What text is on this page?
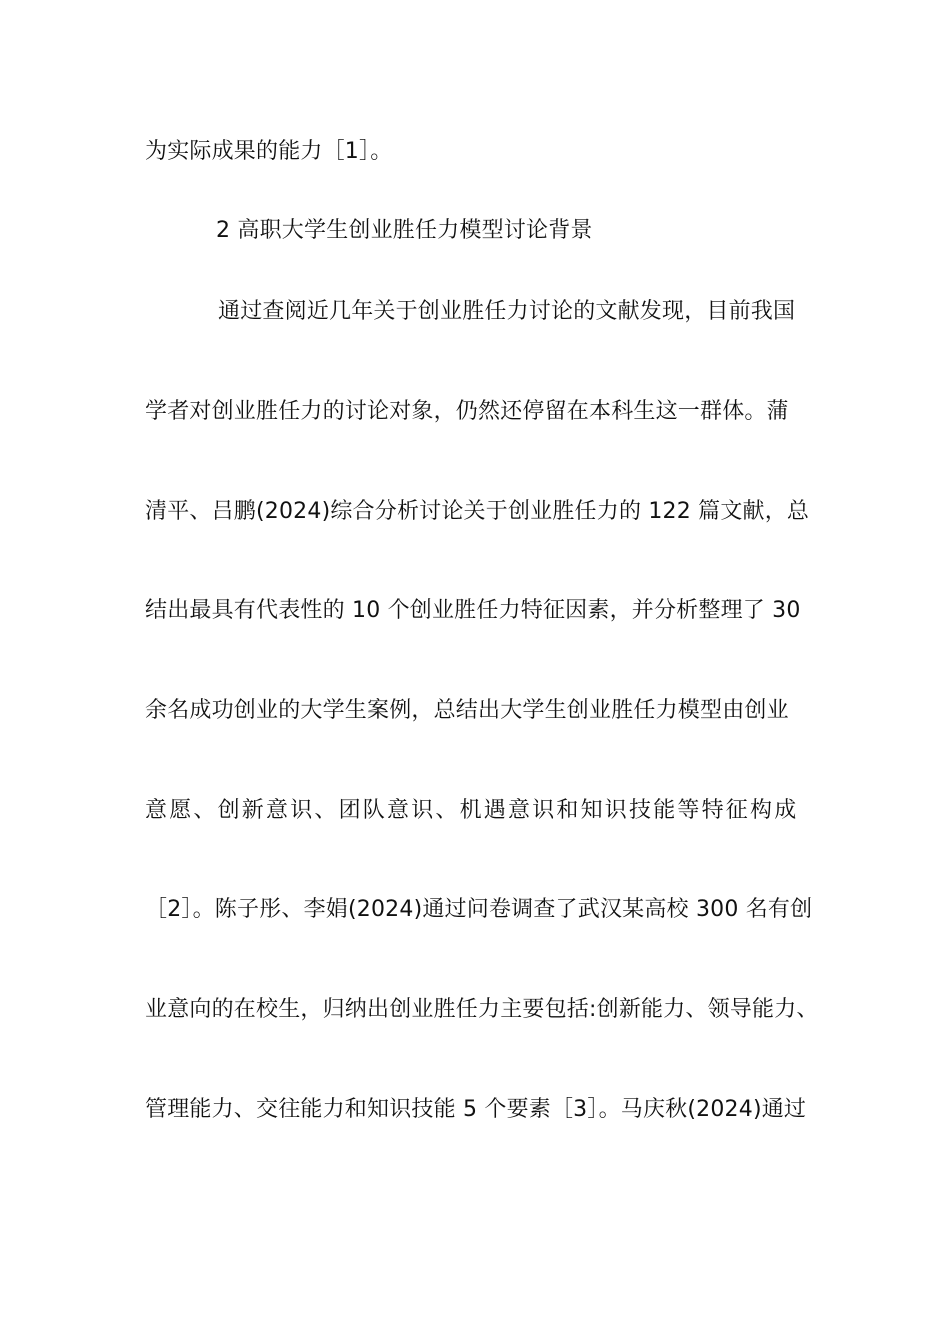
为实际成果的能力［1］。
2 高职大学生创业胜任力模型讨论背景
通过查阅近几年关于创业胜任力讨论的文献发现，目前我国
学者对创业胜任力的讨论对象，仍然还停留在本科生这一群体。蒲
清平、吕鹏(2024)综合分析讨论关于创业胜任力的 122 篇文献，总
结出最具有代表性的 10 个创业胜任力特征因素，并分析整理了 30
余名成功创业的大学生案例，总结出大学生创业胜任力模型由创业
意愿、创新意识、团队意识、机遇意识和知识技能等特征构成
［2］。陈子彤、李娟(2024)通过问卷调查了武汉某高校 300 名有创
业意向的在校生，归纳出创业胜任力主要包括:创新能力、领导能力、
管理能力、交往能力和知识技能 5 个要素［3］。马庆秋(2024)通过
